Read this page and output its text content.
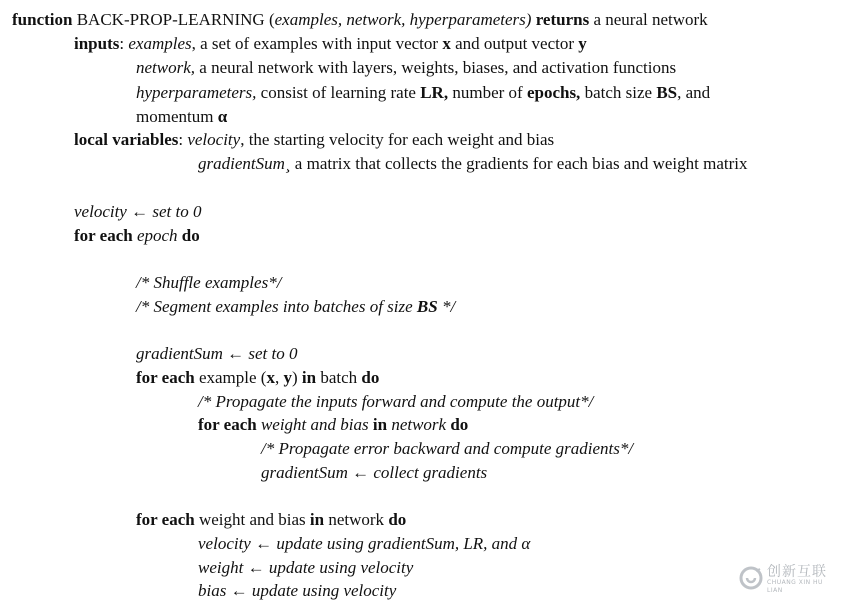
function BACK-PROP-LEARNING (examples, network, hyperparameters) returns a neural network
inputs: examples, a set of examples with input vector x and output vector y
network, a neural network with layers, weights, biases, and activation functions
hyperparameters, consist of learning rate LR, number of epochs, batch size BS, and
momentum α
local variables: velocity, the starting velocity for each weight and bias
gradientSum¸ a matrix that collects the gradients for each bias and weight matrix
velocity ← set to 0
for each epoch do
/* Shuffle examples*/
/* Segment examples into batches of size BS */
gradientSum ← set to 0
for each example (x, y) in batch do
/* Propagate the inputs forward and compute the output*/
for each weight and bias in network do
/* Propagate error backward and compute gradients*/
gradientSum ← collect gradients
for each weight and bias in network do
velocity ← update using gradientSum, LR, and α
weight ← update using velocity
bias ← update using velocity
创新互联
CHUANG XIN HU LIAN
